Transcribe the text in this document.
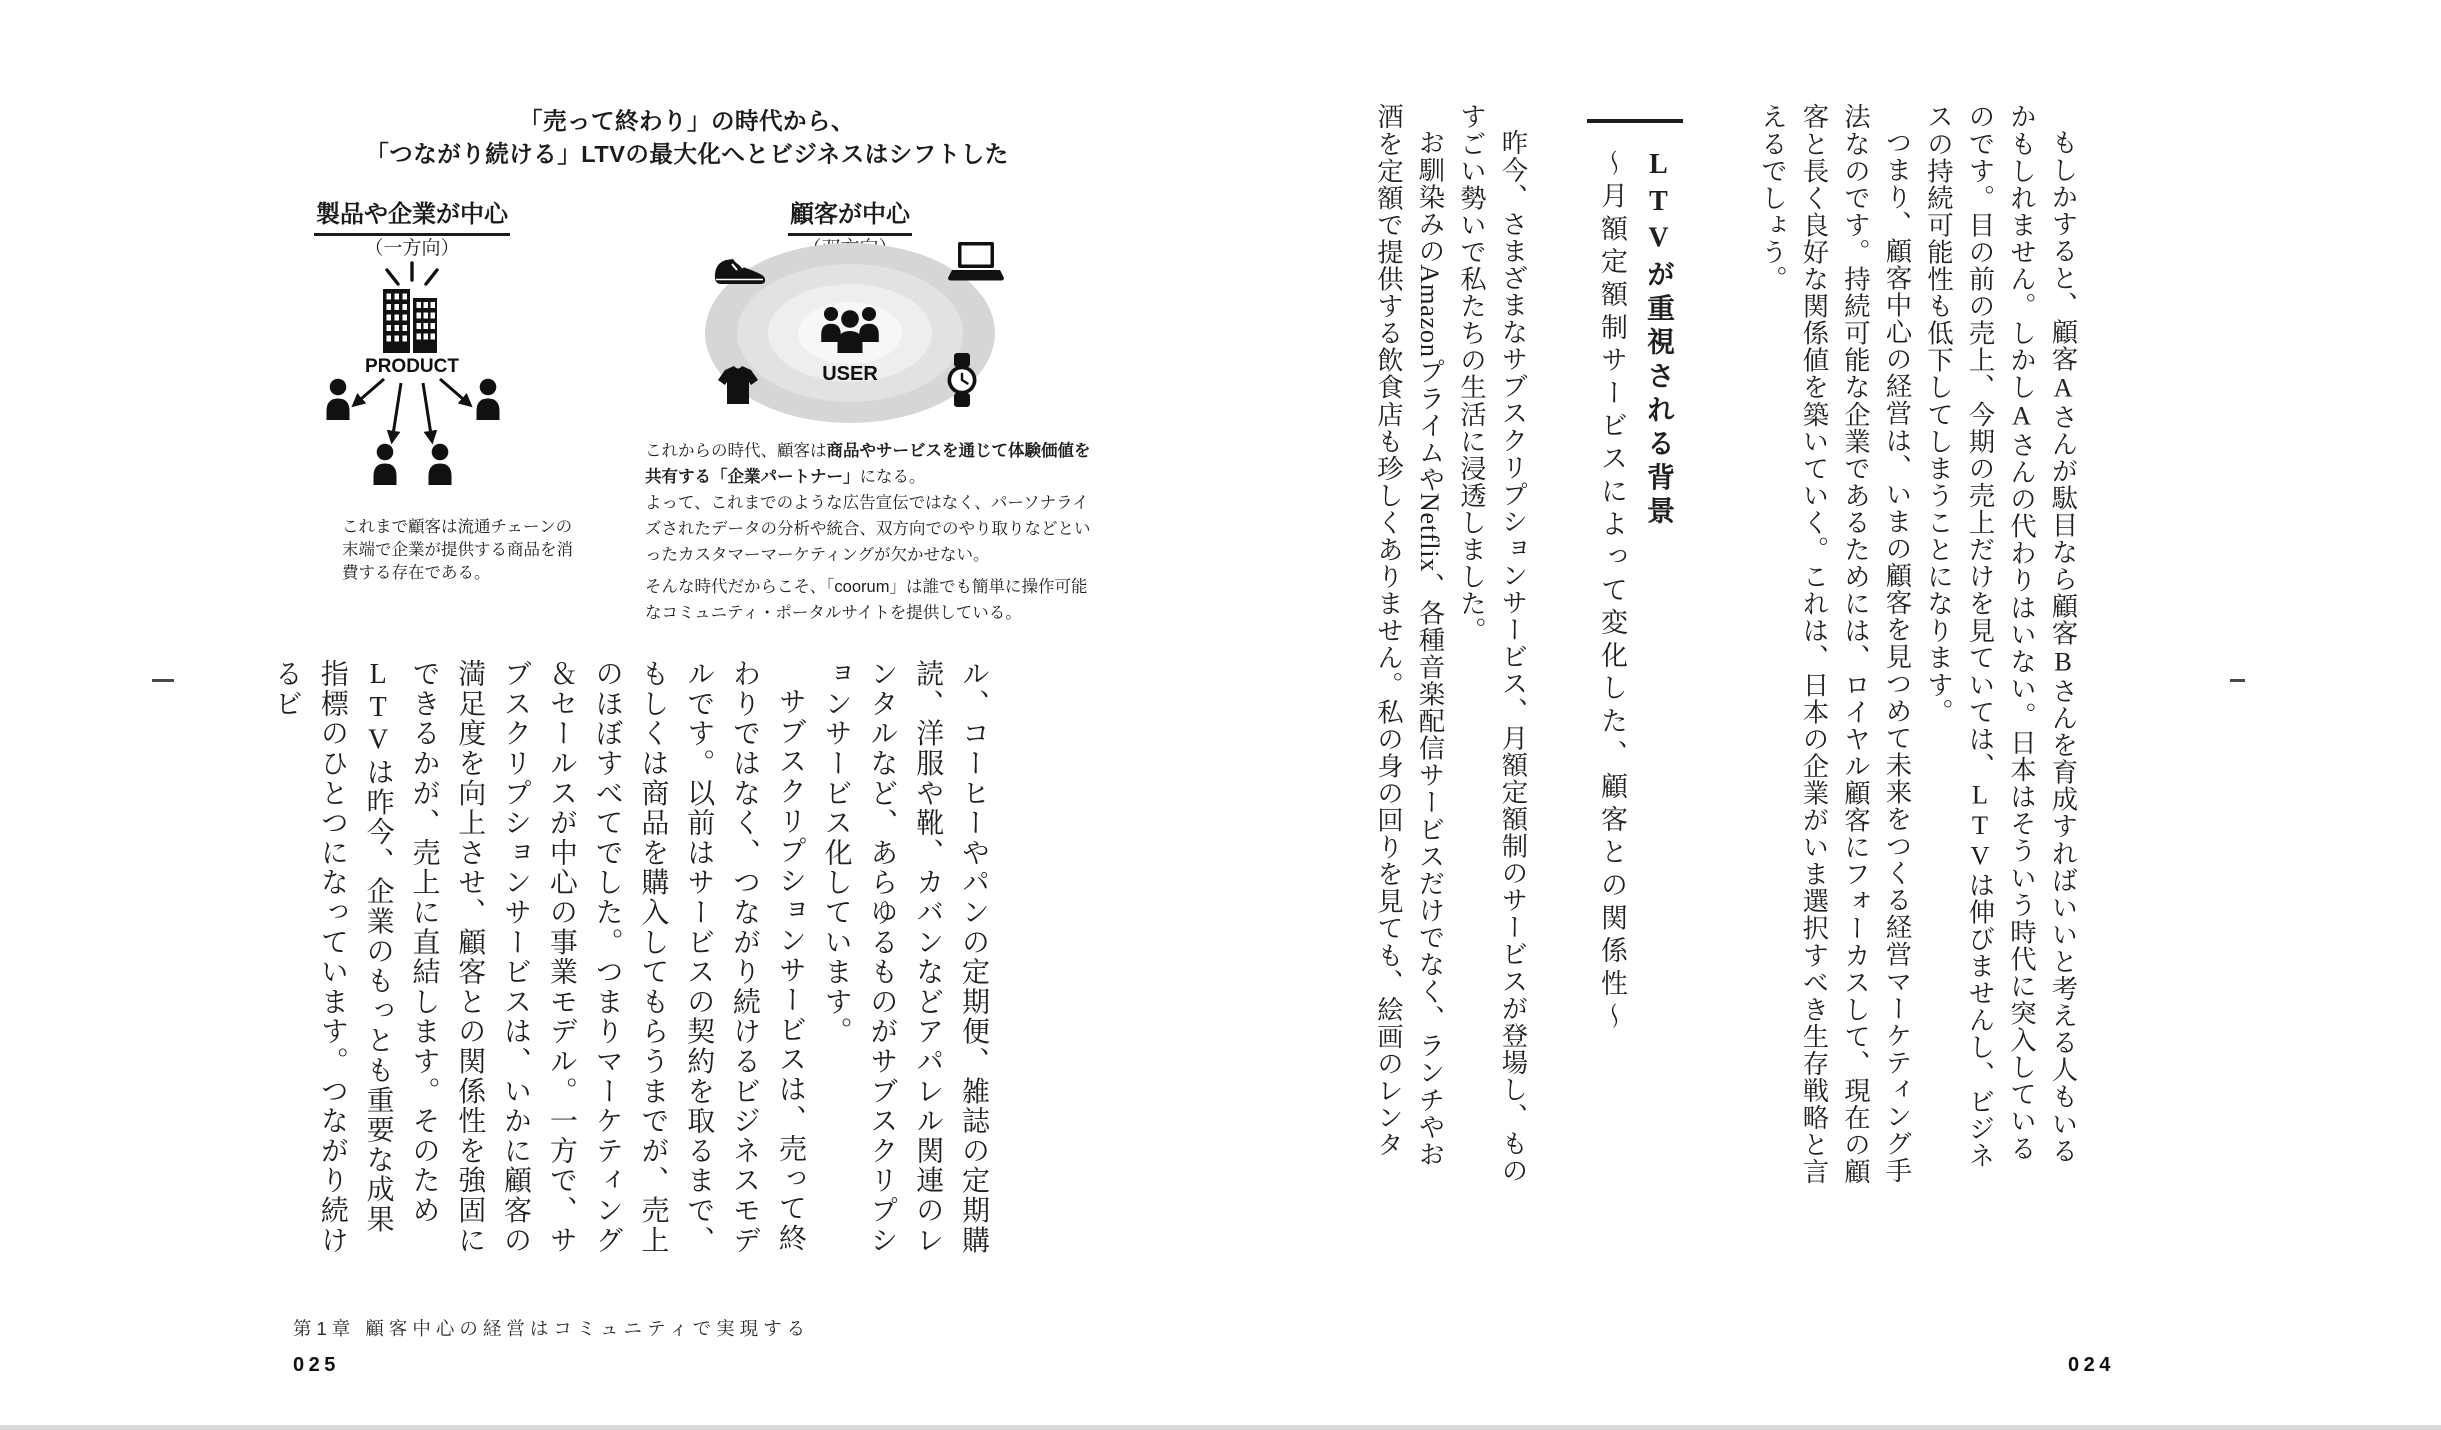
「売って終わり」の時代から、
「つながり続ける」LTVの最大化へとビジネスはシフトした
製品や企業が中心
（一方向）
PRODUCT
これまで顧客は流通チェーンの末端で企業が提供する商品を消費する存在である。
顧客が中心
USER

これからの時代、顧客は商品やサービスを通じて体験価値を共有する「企業パートナー」になる。

よって、これまでのような広告宣伝ではなく、パーソナライズされたデータの分析や統合、双方向でのやり取りなどといったカスタマーマーケティングが欠かせない。

そんな時代だからこそ、「coorum」は誰でも簡単に操作可能なコミュニティ・ポータルサイトを提供している。

ル、コーヒーやパンの定期便、雑誌の定期購読、洋服や靴、カバンなどアパレル関連のレンタルなど、あらゆるものがサブスクリプションサービス化しています。

サブスクリプションサービスは、売って終わりではなく、つながり続けるビジネスモデルです。以前はサービスの契約を取るまで、もしくは商品を購入してもらうまでが、売上のほぼすべてでした。つまりマーケティング＆セールスが中心の事業モデル。一方で、サブスクリプションサービスは、いかに顧客の満足度を向上させ、顧客との関係性を強固にできるかが、売上に直結します。そのためLTVは昨今、企業のもっとも重要な成果指標のひとつになっています。つながり続けるビ

第1章 顧客中心の経営はコミュニティで実現する
025

もしかすると、顧客Aさんが駄目なら顧客Bさんを育成すればいいと考える人もいるかもしれません。しかしAさんの代わりはいない。日本はそういう時代に突入しているのです。目の前の売上、今期の売上だけを見ていては、LTVは伸びませんし、ビジネスの持続可能性も低下してしまうことになります。

つまり、顧客中心の経営は、いまの顧客を見つめて未来をつくる経営マーケティング手法なのです。持続可能な企業であるためには、ロイヤル顧客にフォーカスして、現在の顧客と長く良好な関係値を築いていく。これは、日本の企業がいま選択すべき生存戦略と言えるでしょう。

LTVが重視される背景
〜月額定額制サービスによって変化した、顧客との関係性〜

昨今、さまざまなサブスクリプションサービス、月額定額制のサービスが登場し、ものすごい勢いで私たちの生活に浸透しました。

お馴染みのAmazonプライムやNetflix、各種音楽配信サービスだけでなく、ランチやお酒を定額で提供する飲食店も珍しくありません。私の身の回りを見ても、絵画のレンタ

024
